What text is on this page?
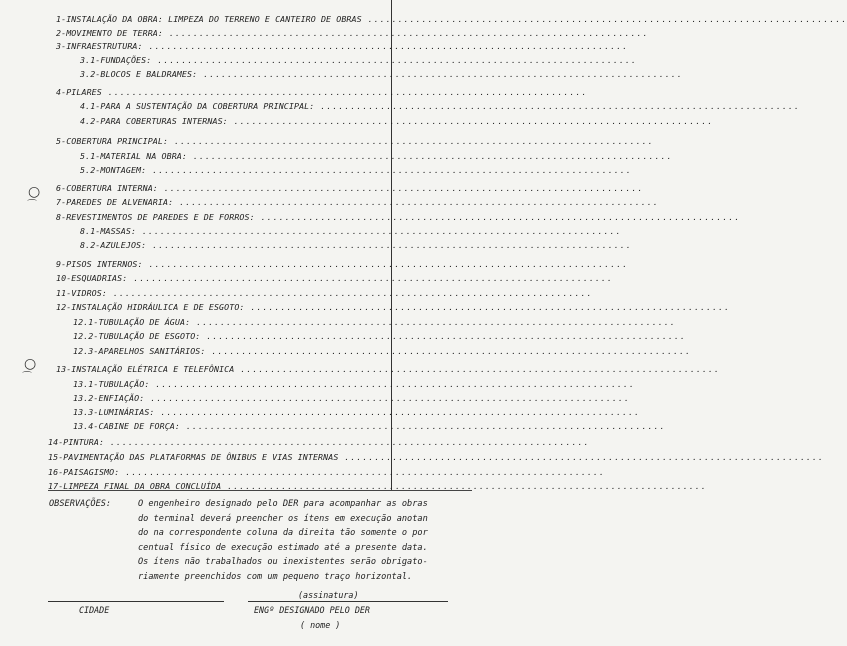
1-INSTALAÇÃO DA OBRA: LIMPEZA DO TERRENO E CANTEIRO DE OBRAS ................................................................................
2-MOVIMENTO DE TERRA: ................................................................................
3-INFRAESTRUTURA: ................................................................................
3.1-FUNDAÇÕES: ................................................................................
3.2-BLOCOS E BALDRAMES: ................................................................................
4-PILARES ................................................................................
4.1-PARA A SUSTENTAÇÃO DA COBERTURA PRINCIPAL: ................................................................................
4.2-PARA COBERTURAS INTERNAS: ................................................................................
5-COBERTURA PRINCIPAL: ................................................................................
5.1-MATERIAL NA OBRA: ................................................................................
5.2-MONTAGEM: ................................................................................
6-COBERTURA INTERNA: ................................................................................
7-PAREDES DE ALVENARIA: ................................................................................
8-REVESTIMENTOS DE PAREDES E DE FORROS: ................................................................................
8.1-MASSAS: ................................................................................
8.2-AZULEJOS: ................................................................................
9-PISOS INTERNOS: ................................................................................
10-ESQUADRIAS: ................................................................................
11-VIDROS: ................................................................................
12-INSTALAÇÃO HIDRÁULICA E DE ESGOTO: ................................................................................
12.1-TUBULAÇÃO DE ÁGUA: ................................................................................
12.2-TUBULAÇÃO DE ESGOTO: ................................................................................
12.3-APARELHOS SANITÁRIOS: ................................................................................
13-INSTALAÇÃO ELÉTRICA E TELEFÔNICA ................................................................................
13.1-TUBULAÇÃO: ................................................................................
13.2-ENFIAÇÃO: ................................................................................
13.3-LUMINÁRIAS: ................................................................................
13.4-CABINE DE FORÇA: ................................................................................
14-PINTURA: ................................................................................
15-PAVIMENTAÇÃO DAS PLATAFORMAS DE ÔNIBUS E VIAS INTERNAS ................................................................................
16-PAISAGISMO: ................................................................................
17-LIMPEZA FINAL DA OBRA CONCLUÍDA ................................................................................
○
⌒
○
⌒
OBSERVAÇÕES:	O engenheiro designado pelo DER para acompanhar as obras
do terminal deverá preencher os ítens em execução anotan
do na correspondente coluna da direita tão somente o por
centual físico de execução estimado até a presente data.
Os ítens não trabalhados ou inexistentes serão obrigato-
riamente preenchidos com um pequeno traço horizontal.
(assinatura)
CIDADE	ENGº DESIGNADO PELO DER
( nome )
